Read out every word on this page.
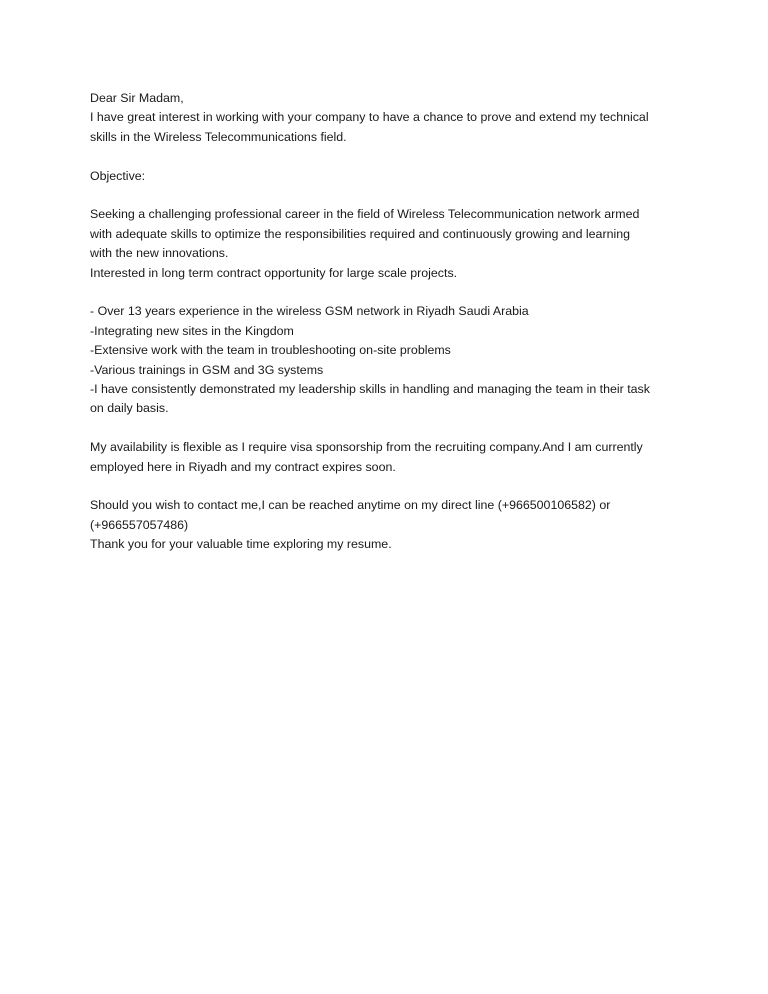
Dear Sir Madam,
I have great interest in working with your company to have a chance to prove and extend my technical
skills in the Wireless Telecommunications field.
Objective:
Seeking a challenging professional career in the field of Wireless Telecommunication network armed
with adequate skills to optimize the responsibilities required and continuously growing and learning
with the new innovations.
Interested in long term contract opportunity for large scale projects.
- Over 13 years experience in the wireless GSM network in Riyadh Saudi Arabia
-Integrating new sites in the Kingdom
-Extensive work with the team in troubleshooting on-site problems
-Various trainings in GSM and 3G systems
-I have consistently demonstrated my leadership skills in handling and managing the team in their task
on daily basis.
My availability is flexible as I require visa sponsorship from the recruiting company.And I am currently
employed here in Riyadh and my contract expires soon.
Should you wish to contact me,I can be reached anytime on my direct line (+966500106582) or
(+966557057486)
Thank you for your valuable time exploring my resume.
